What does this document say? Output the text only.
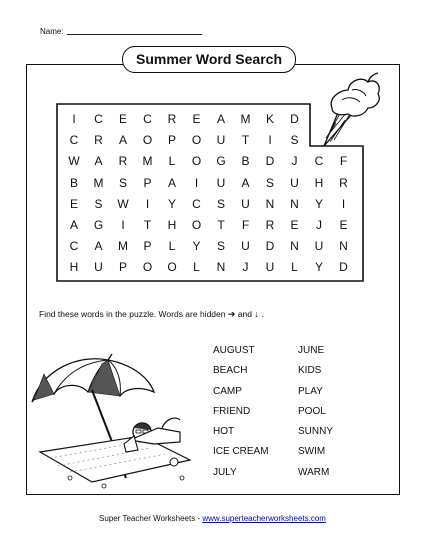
Name:
Summer Word Search
I	C	E	C	R	E	A	M	K	D
C	R	A	O	P	O	U	T	I	S
W	A	R	M	L	O	G	B	D	J	C	F
B	M	S	P	A	I	U	A	S	U	H	R
E	S	W	I	Y	C	S	U	N	N	Y	I
A	G	I	T	H	O	T	F	R	E	J	E
C	A	M	P	L	Y	S	U	D	N	U	N
H	U	P	O	O	L	N	J	U	L	Y	D
Find these words in the puzzle. Words are hidden ➔ and ↓ .
AUGUST
BEACH
CAMP
FRIEND
HOT
ICE CREAM
JULY
JUNE
KIDS
PLAY
POOL
SUNNY
SWIM
WARM
Super Teacher Worksheets - www.superteacherworksheets.com
